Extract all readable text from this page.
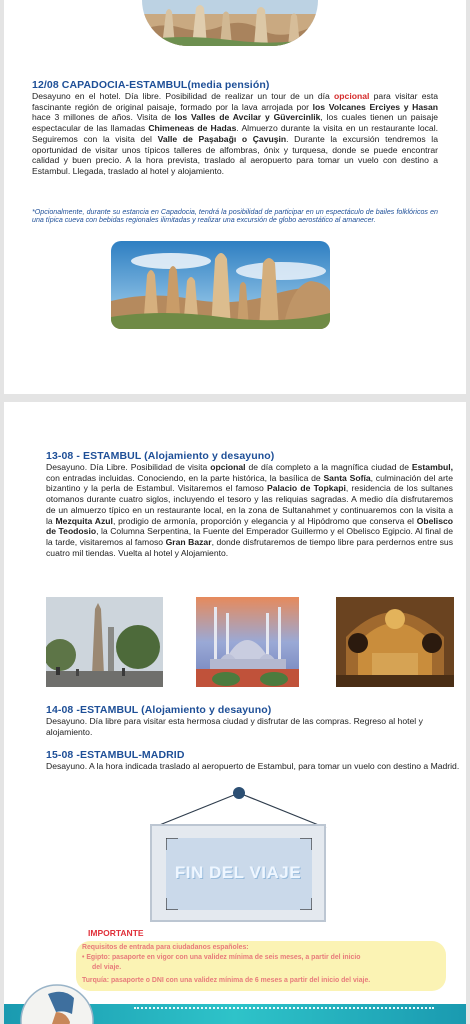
12/08 CAPADOCIA-ESTAMBUL(media pensión)
Desayuno en el hotel. Día libre. Posibilidad de realizar un tour de un día opcional para visitar esta fascinante región de original paisaje, formado por la lava arrojada por los Volcanes Erciyes y Hasan hace 3 millones de años. Visita de los Valles de Avcilar y Güvercinlik, los cuales tienen un paisaje espectacular de las llamadas Chimeneas de Hadas. Almuerzo durante la visita en un restaurante local. Seguiremos con la visita del Valle de Paşabağı o Çavuşin. Durante la excursión tendremos la oportunidad de visitar unos típicos talleres de alfombras, ónix y turquesa, donde se puede encontrar calidad y buen precio. A la hora prevista, traslado al aeropuerto para tomar un vuelo con destino a Estambul. Llegada, traslado al hotel y alojamiento.
*Opcionalmente, durante su estancia en Capadocia, tendrá la posibilidad de participar en un espectáculo de bailes folklóricos en una típica cueva con bebidas regionales ilimitadas y realizar una excursión de globo aerostático al amanecer.
13-08 - ESTAMBUL (Alojamiento y desayuno)
Desayuno. Día Libre. Posibilidad de visita opcional de día completo a la magnífica ciudad de Estambul, con entradas incluidas. Conociendo, en la parte histórica, la basílica de Santa Sofía, culminación del arte bizantino y la perla de Estambul. Visitaremos el famoso Palacio de Topkapi, residencia de los sultanes otomanos durante cuatro siglos, incluyendo el tesoro y las reliquias sagradas. A medio día disfrutaremos de un almuerzo típico en un restaurante local, en la zona de Sultanahmet y continuaremos con la visita a la Mezquita Azul, prodigio de armonía, proporción y elegancia y al Hipódromo que conserva el Obelisco de Teodosio, la Columna Serpentina, la Fuente del Emperador Guillermo y el Obelisco Egipcio. Al final de la tarde, visitaremos al famoso Gran Bazar, donde disfrutaremos de tiempo libre para perdernos entre sus cuatro mil tiendas. Vuelta al hotel y Alojamiento.
14-08 -ESTAMBUL (Alojamiento y desayuno)
Desayuno. Día libre para visitar esta hermosa ciudad y disfrutar de las compras. Regreso al hotel y alojamiento.
15-08 -ESTAMBUL-MADRID
Desayuno. A la hora indicada traslado al aeropuerto de Estambul, para tomar un vuelo con destino a Madrid.
FIN DEL VIAJE
IMPORTANTE
Requisitos de entrada para ciudadanos españoles:
• Egipto: pasaporte en vigor con una validez mínima de seis meses, a partir del inicio
del viaje.
Turquía: pasaporte o DNI con una validez mínima de 6 meses a partir del inicio del viaje.
